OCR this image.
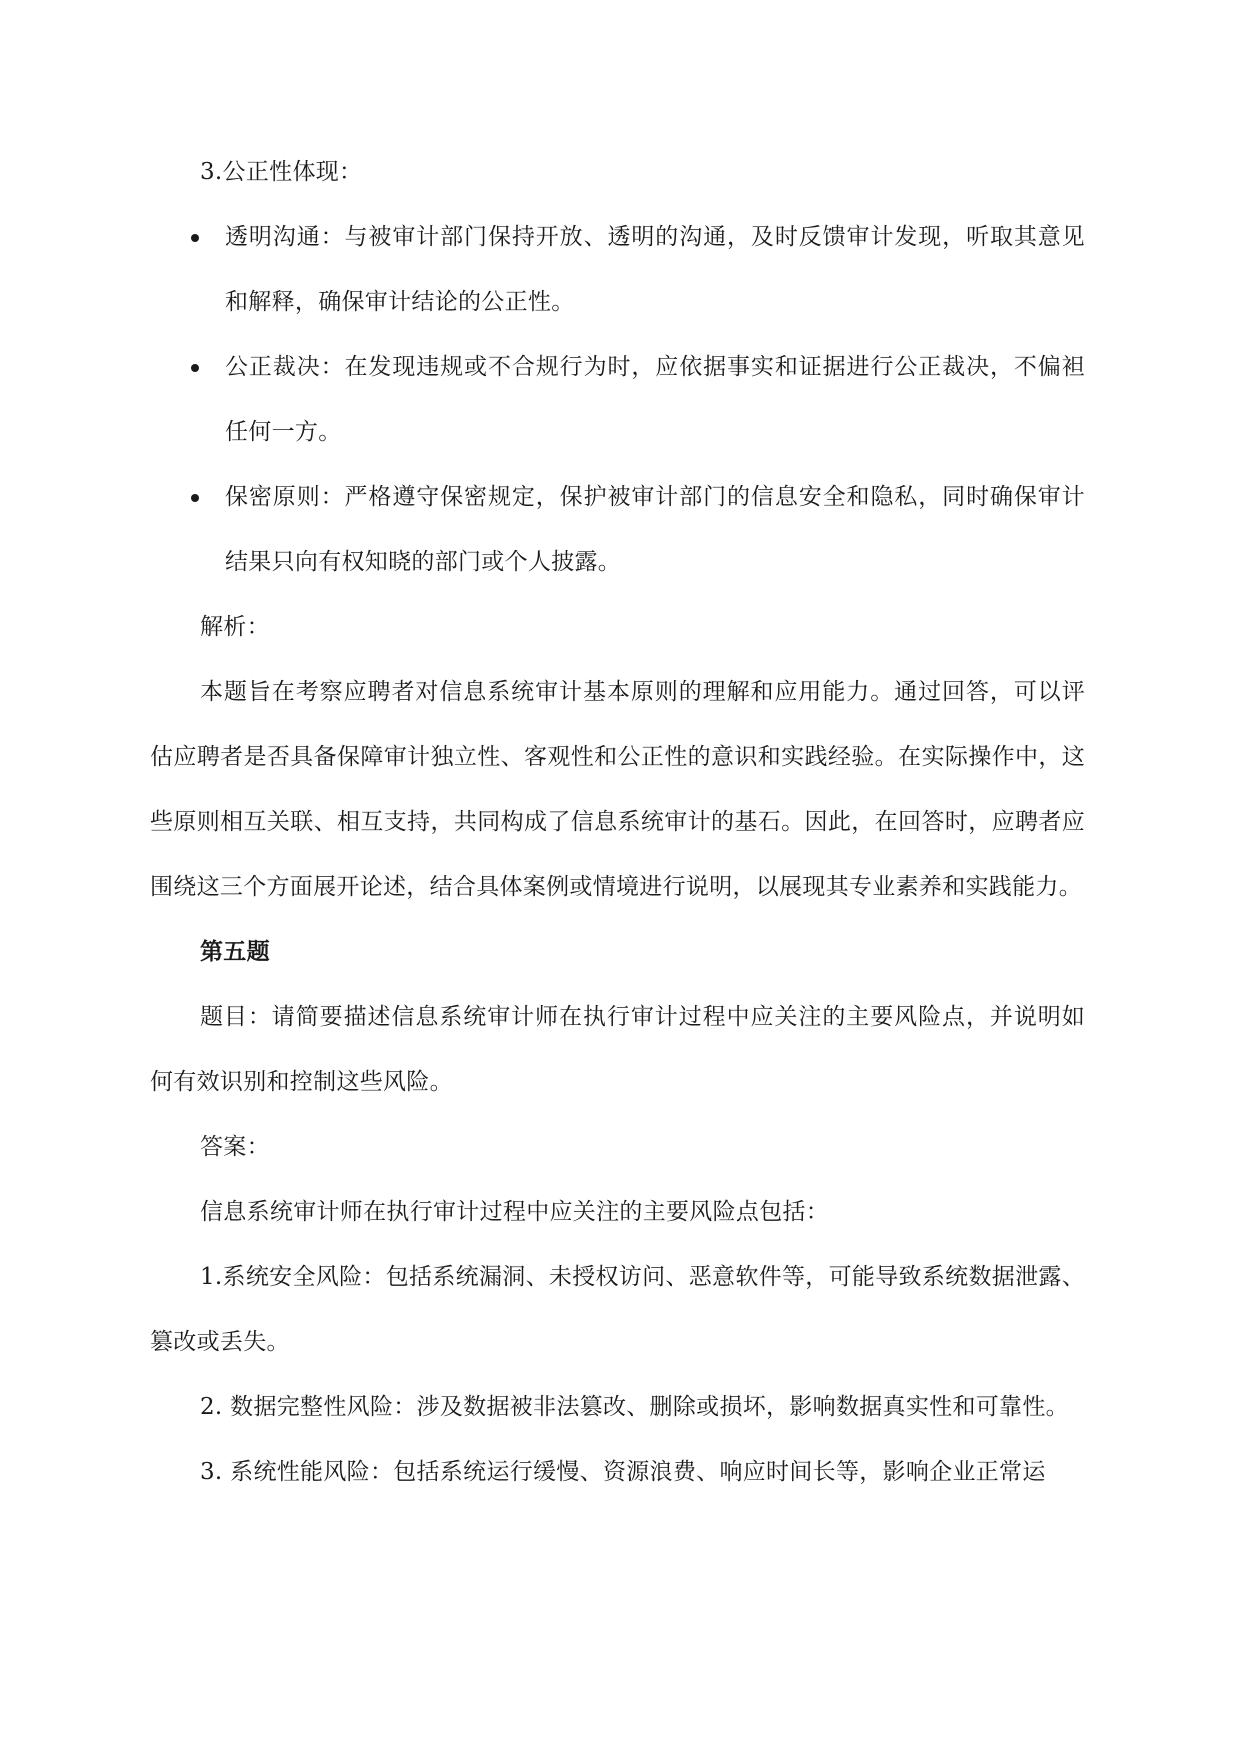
3.公正性体现：

透明沟通：与被审计部门保持开放、透明的沟通，及时反馈审计发现，听取其意见和解释，确保审计结论的公正性。
公正裁决：在发现违规或不合规行为时，应依据事实和证据进行公正裁决，不偏袒任何一方。
保密原则：严格遵守保密规定，保护被审计部门的信息安全和隐私，同时确保审计结果只向有权知晓的部门或个人披露。

解析：

本题旨在考察应聘者对信息系统审计基本原则的理解和应用能力。通过回答，可以评估应聘者是否具备保障审计独立性、客观性和公正性的意识和实践经验。在实际操作中，这些原则相互关联、相互支持，共同构成了信息系统审计的基石。因此，在回答时，应聘者应围绕这三个方面展开论述，结合具体案例或情境进行说明，以展现其专业素养和实践能力。

第五题

题目：请简要描述信息系统审计师在执行审计过程中应关注的主要风险点，并说明如何有效识别和控制这些风险。

答案：

信息系统审计师在执行审计过程中应关注的主要风险点包括：

1.系统安全风险：包括系统漏洞、未授权访问、恶意软件等，可能导致系统数据泄露、篡改或丢失。

2. 数据完整性风险：涉及数据被非法篡改、删除或损坏，影响数据真实性和可靠性。

3. 系统性能风险：包括系统运行缓慢、资源浪费、响应时间长等，影响企业正常运
